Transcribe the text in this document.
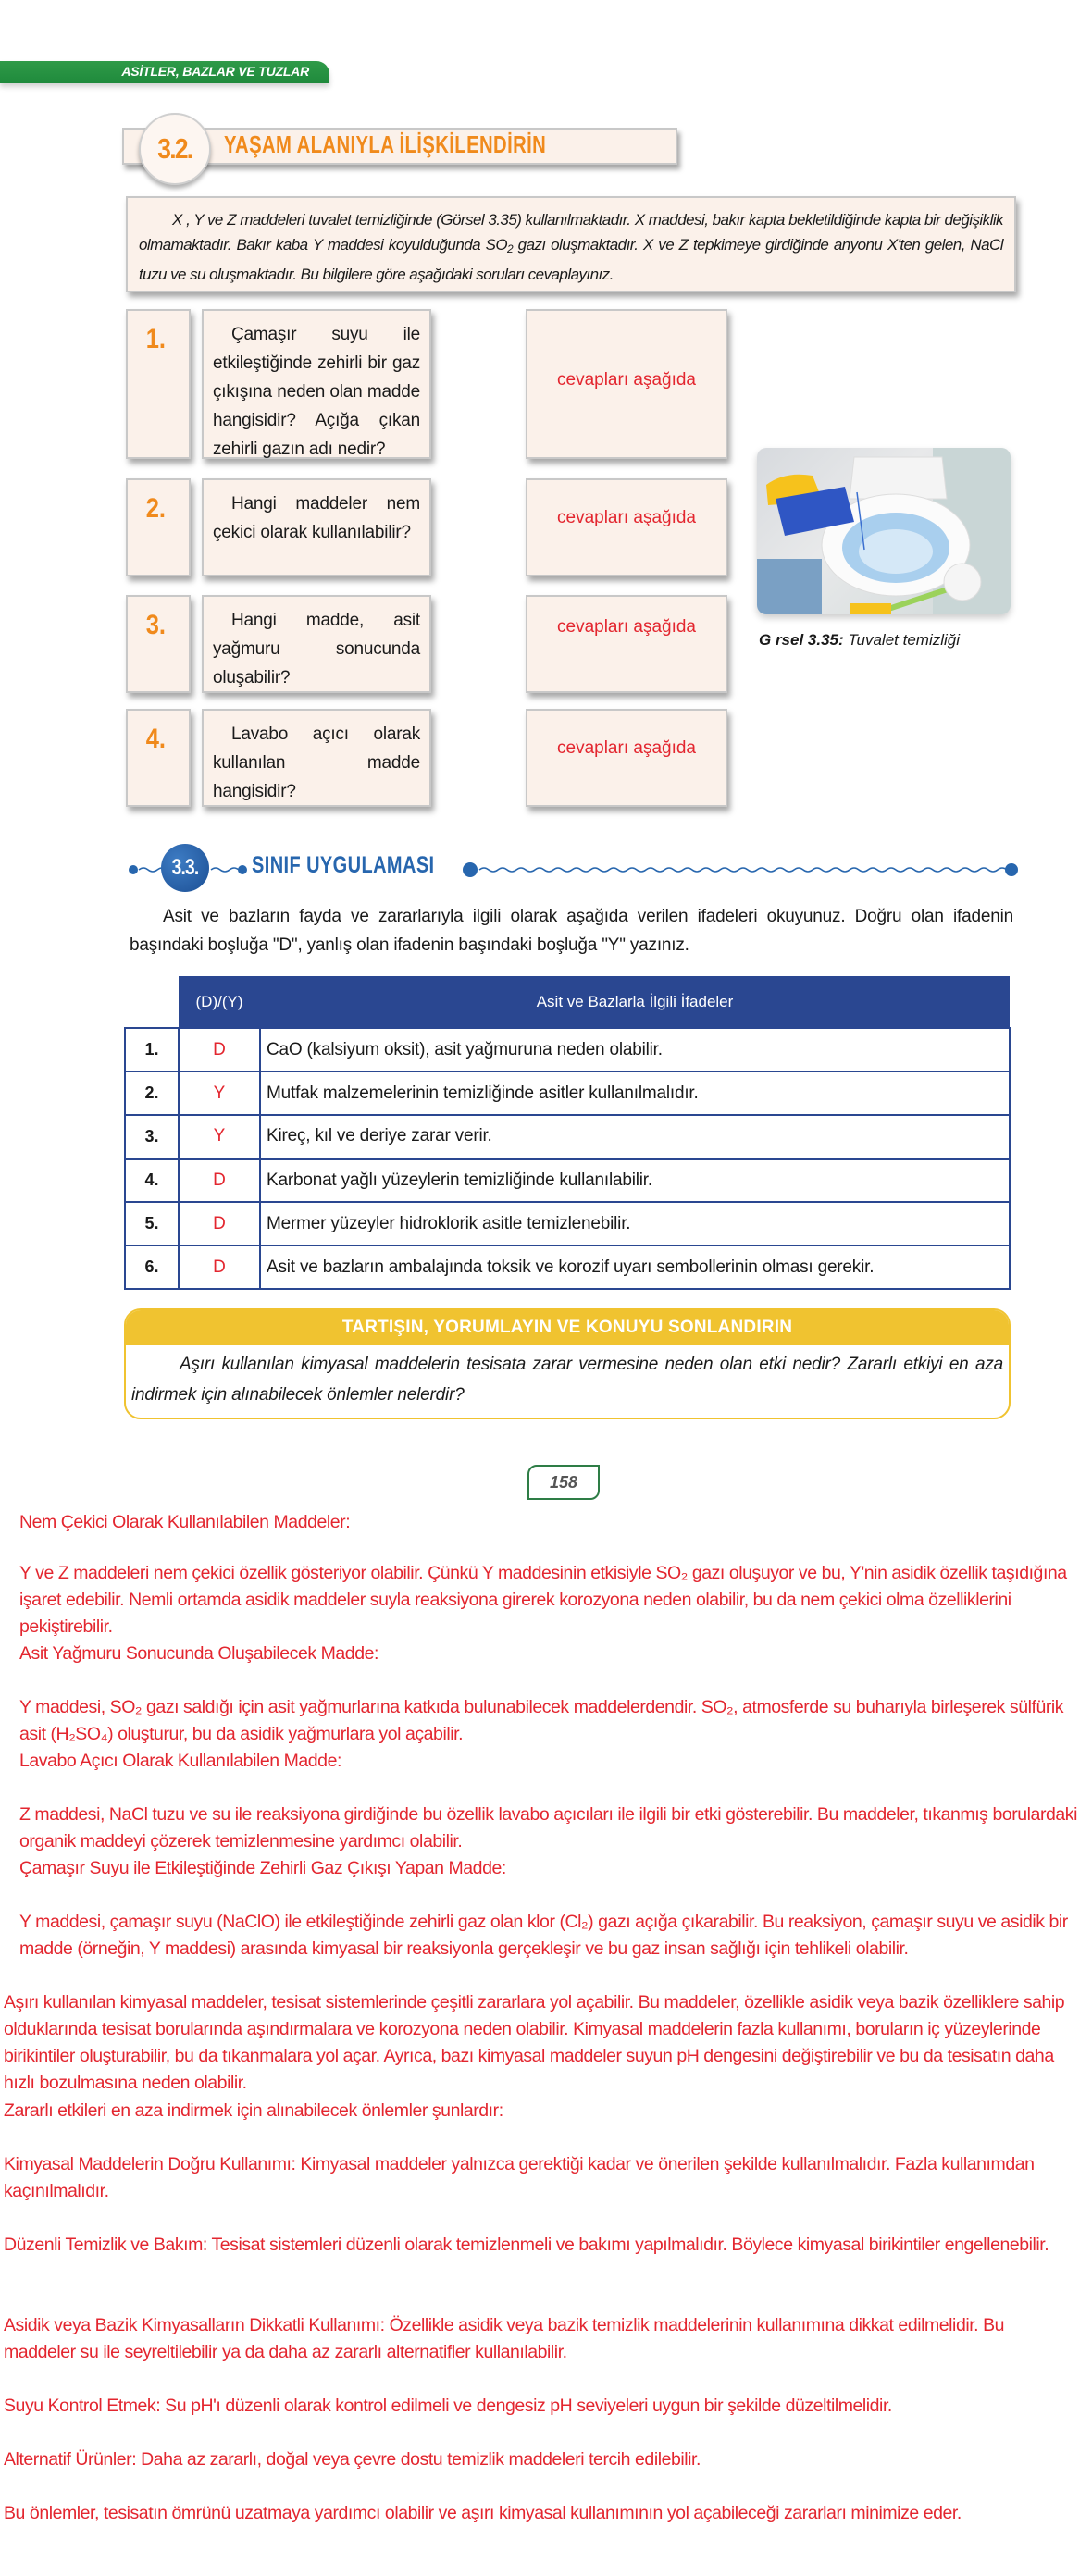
ASİTLER, BAZLAR VE TUZLAR
3.2. YAŞAM ALANIYLA İLİŞKİLENDİRİN

X , Y ve Z maddeleri tuvalet temizliğinde (Görsel 3.35) kullanılmaktadır. X maddesi, bakır kapta bekletildiğinde kapta bir değişiklik olmamaktadır. Bakır kaba Y maddesi koyulduğunda $SO_2$ gazı oluşmaktadır. X ve Z tepkimeye girdiğinde anyonu X'ten gelen, NaCl tuzu ve su oluşmaktadır. Bu bilgilere göre aşağıdaki soruları cevaplayınız.

1.	Çamaşır suyu ile etkileştiğinde zehirli bir gaz çıkışına neden olan madde hangisidir? Açığa çıkan zehirli gazın adı nedir?

cevapları aşağıda
2.	Hangi maddeler nem çekici olarak kullanılabilir?

cevapları aşağıda
3.	Hangi madde, asit yağmuru sonucunda oluşabilir?

cevapları aşağıda
4.	Lavabo açıcı olarak kullanılan madde hangisidir?

cevapları aşağıda
G rsel 3.35: Tuvalet temizliği
3.3. SINIF UYGULAMASI

Asit ve bazların fayda ve zararlarıyla ilgili olarak aşağıda verilen ifadeleri okuyunuz. Doğru olan ifadenin başındaki boşluğa "D", yanlış olan ifadenin başındaki boşluğa "Y" yazınız.

	(D)/(Y)	Asit ve Bazlarla İlgili İfadeler
1.	D	CaO (kalsiyum oksit), asit yağmuruna neden olabilir.
2.	Y	Mutfak malzemelerinin temizliğinde asitler kullanılmalıdır.
3.	Y	Kireç, kıl ve deriye zarar verir.
4.	D	Karbonat yağlı yüzeylerin temizliğinde kullanılabilir.
5.	D	Mermer yüzeyler hidroklorik asitle temizlenebilir.
6.	D	Asit ve bazların ambalajında toksik ve korozif uyarı sembollerinin olması gerekir.
TARTIŞIN, YORUMLAYIN VE KONUYU SONLANDIRIN

Aşırı kullanılan kimyasal maddelerin tesisata zarar vermesine neden olan etki nedir? Zararlı etkiyi en aza indirmek için alınabilecek önlemler nelerdir?

158

Nem Çekici Olarak Kullanılabilen Maddeler:

Y ve Z maddeleri nem çekici özellik gösteriyor olabilir. Çünkü Y maddesinin etkisiyle SO₂ gazı oluşuyor ve bu, Y'nin asidik özellik taşıdığına işaret edebilir. Nemli ortamda asidik maddeler suyla reaksiyona girerek korozyona neden olabilir, bu da nem çekici olma özelliklerini pekiştirebilir.

Asit Yağmuru Sonucunda Oluşabilecek Madde:

Y maddesi, SO₂ gazı saldığı için asit yağmurlarına katkıda bulunabilecek maddelerdendir. SO₂, atmosferde su buharıyla birleşerek sülfürik asit (H₂SO₄) oluşturur, bu da asidik yağmurlara yol açabilir.

Lavabo Açıcı Olarak Kullanılabilen Madde:

Z maddesi, NaCl tuzu ve su ile reaksiyona girdiğinde bu özellik lavabo açıcıları ile ilgili bir etki gösterebilir. Bu maddeler, tıkanmış borulardaki organik maddeyi çözerek temizlenmesine yardımcı olabilir.

Çamaşır Suyu ile Etkileştiğinde Zehirli Gaz Çıkışı Yapan Madde:

Y maddesi, çamaşır suyu (NaClO) ile etkileştiğinde zehirli gaz olan klor (Cl₂) gazı açığa çıkarabilir. Bu reaksiyon, çamaşır suyu ve asidik bir madde (örneğin, Y maddesi) arasında kimyasal bir reaksiyonla gerçekleşir ve bu gaz insan sağlığı için tehlikeli olabilir.

Aşırı kullanılan kimyasal maddeler, tesisat sistemlerinde çeşitli zararlara yol açabilir. Bu maddeler, özellikle asidik veya bazik özelliklere sahip olduklarında tesisat borularında aşındırmalara ve korozyona neden olabilir. Kimyasal maddelerin fazla kullanımı, boruların iç yüzeylerinde birikintiler oluşturabilir, bu da tıkanmalara yol açar. Ayrıca, bazı kimyasal maddeler suyun pH dengesini değiştirebilir ve bu da tesisatın daha hızlı bozulmasına neden olabilir.

Zararlı etkileri en aza indirmek için alınabilecek önlemler şunlardır:

Kimyasal Maddelerin Doğru Kullanımı: Kimyasal maddeler yalnızca gerektiği kadar ve önerilen şekilde kullanılmalıdır. Fazla kullanımdan kaçınılmalıdır.

Düzenli Temizlik ve Bakım: Tesisat sistemleri düzenli olarak temizlenmeli ve bakımı yapılmalıdır. Böylece kimyasal birikintiler engellenebilir.

Asidik veya Bazik Kimyasalların Dikkatli Kullanımı: Özellikle asidik veya bazik temizlik maddelerinin kullanımına dikkat edilmelidir. Bu maddeler su ile seyreltilebilir ya da daha az zararlı alternatifler kullanılabilir.

Suyu Kontrol Etmek: Su pH'ı düzenli olarak kontrol edilmeli ve dengesiz pH seviyeleri uygun bir şekilde düzeltilmelidir.

Alternatif Ürünler: Daha az zararlı, doğal veya çevre dostu temizlik maddeleri tercih edilebilir.

Bu önlemler, tesisatın ömrünü uzatmaya yardımcı olabilir ve aşırı kimyasal kullanımının yol açabileceği zararları minimize eder.
